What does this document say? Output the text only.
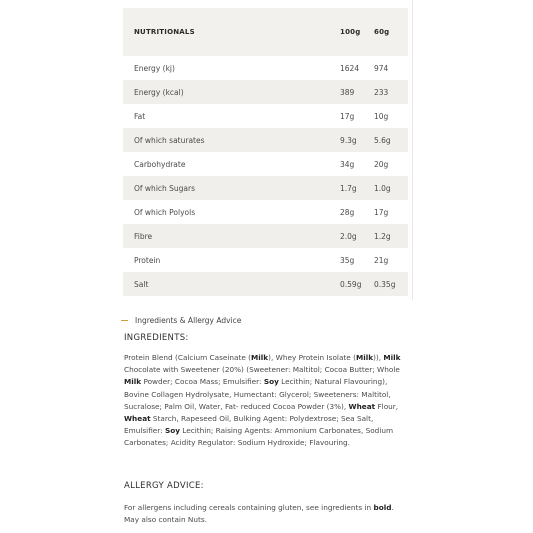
NUTRITIONALS	100g	60g
Energy (kj)	1624	974
Energy (kcal)	389	233
Fat	17g	10g
Of which saturates	9.3g	5.6g
Carbohydrate	34g	20g
Of which Sugars	1.7g	1.0g
Of which Polyols	28g	17g
Fibre	2.0g	1.2g
Protein	35g	21g
Salt	0.59g	0.35g
Ingredients & Allergy Advice
INGREDIENTS:
Protein Blend (Calcium Caseinate (Milk), Whey Protein Isolate (Milk)), Milk Chocolate with Sweetener (20%) (Sweetener: Maltitol; Cocoa Butter; Whole Milk Powder; Cocoa Mass; Emulsifier: Soy Lecithin; Natural Flavouring), Bovine Collagen Hydrolysate, Humectant: Glycerol; Sweeteners: Maltitol, Sucralose; Palm Oil, Water, Fat- reduced Cocoa Powder (3%), Wheat Flour, Wheat Starch, Rapeseed Oil, Bulking Agent: Polydextrose; Sea Salt, Emulsifier: Soy Lecithin; Raising Agents: Ammonium Carbonates, Sodium Carbonates; Acidity Regulator: Sodium Hydroxide; Flavouring.
ALLERGY ADVICE:
For allergens including cereals containing gluten, see ingredients in bold.
May also contain Nuts.
